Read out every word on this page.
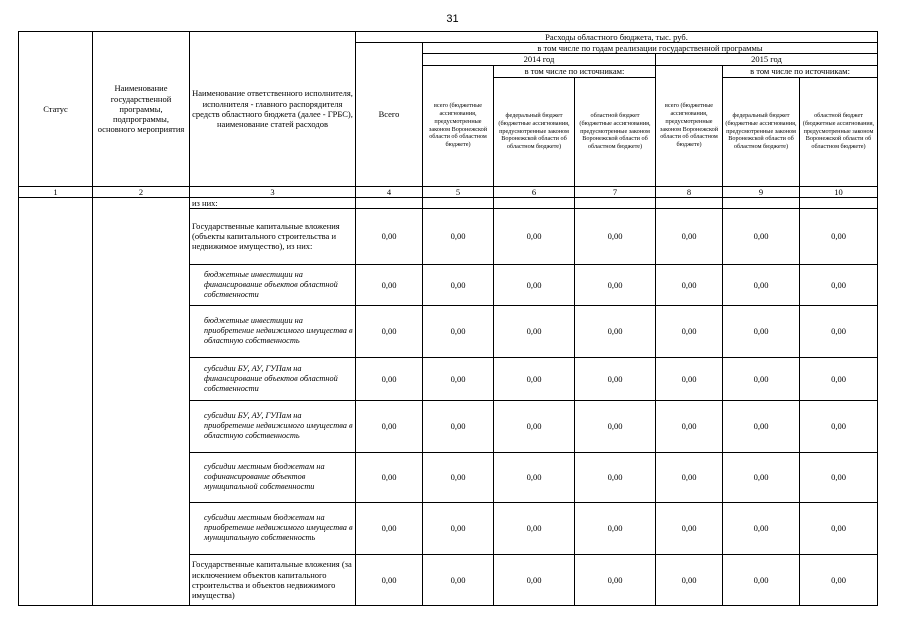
31
Статус	Наименование государственной программы, подпрограммы, основного мероприятия	Наименование ответственного исполнителя, исполнителя - главного распорядителя средств областного бюджета (далее - ГРБС), наименование статей расходов	Расходы областного бюджета, тыс. руб.						
			Всего	в том числе по годам реализации государственной программы					
				2014 год			2015 год		
				всего (бюджетные ассигнования, предусмотренные законом Воронежской области об областном бюджете)	в том числе по источникам:		всего (бюджетные ассигнования, предусмотренные законом Воронежской области об областном бюджете)	в том числе по источникам:	
					федеральный бюджет (бюджетные ассигнования, предусмотренные законом Воронежской области об областном бюджете)	областной бюджет (бюджетные ассигнования, предусмотренные законом Воронежской области об областном бюджете)		федеральный бюджет (бюджетные ассигнования, предусмотренные законом Воронежской области об областном бюджете)	областной бюджет (бюджетные ассигнования, предусмотренные законом Воронежской области об областном бюджете)
1	2	3	4	5	6	7	8	9	10
		из них:							
		Государственные капитальные вложения (объекты капитального строительства и недвижимое имущество), из них:	0,00	0,00	0,00	0,00	0,00	0,00	0,00
		бюджетные инвестиции на финансирование объектов областной собственности	0,00	0,00	0,00	0,00	0,00	0,00	0,00
		бюджетные инвестиции на приобретение недвижимого имущества в областную собственность	0,00	0,00	0,00	0,00	0,00	0,00	0,00
		субсидии БУ, АУ, ГУПам на финансирование объектов областной собственности	0,00	0,00	0,00	0,00	0,00	0,00	0,00
		субсидии БУ, АУ, ГУПам на приобретение недвижимого имущества в областную собственность	0,00	0,00	0,00	0,00	0,00	0,00	0,00
		субсидии местным бюджетам на софинансирование объектов муниципальной собственности	0,00	0,00	0,00	0,00	0,00	0,00	0,00
		субсидии местным бюджетам на приобретение недвижимого имущества в муниципальную собственность	0,00	0,00	0,00	0,00	0,00	0,00	0,00
		Государственные капитальные вложения (за исключением объектов капитального строительства и объектов недвижимого имущества)	0,00	0,00	0,00	0,00	0,00	0,00	0,00
